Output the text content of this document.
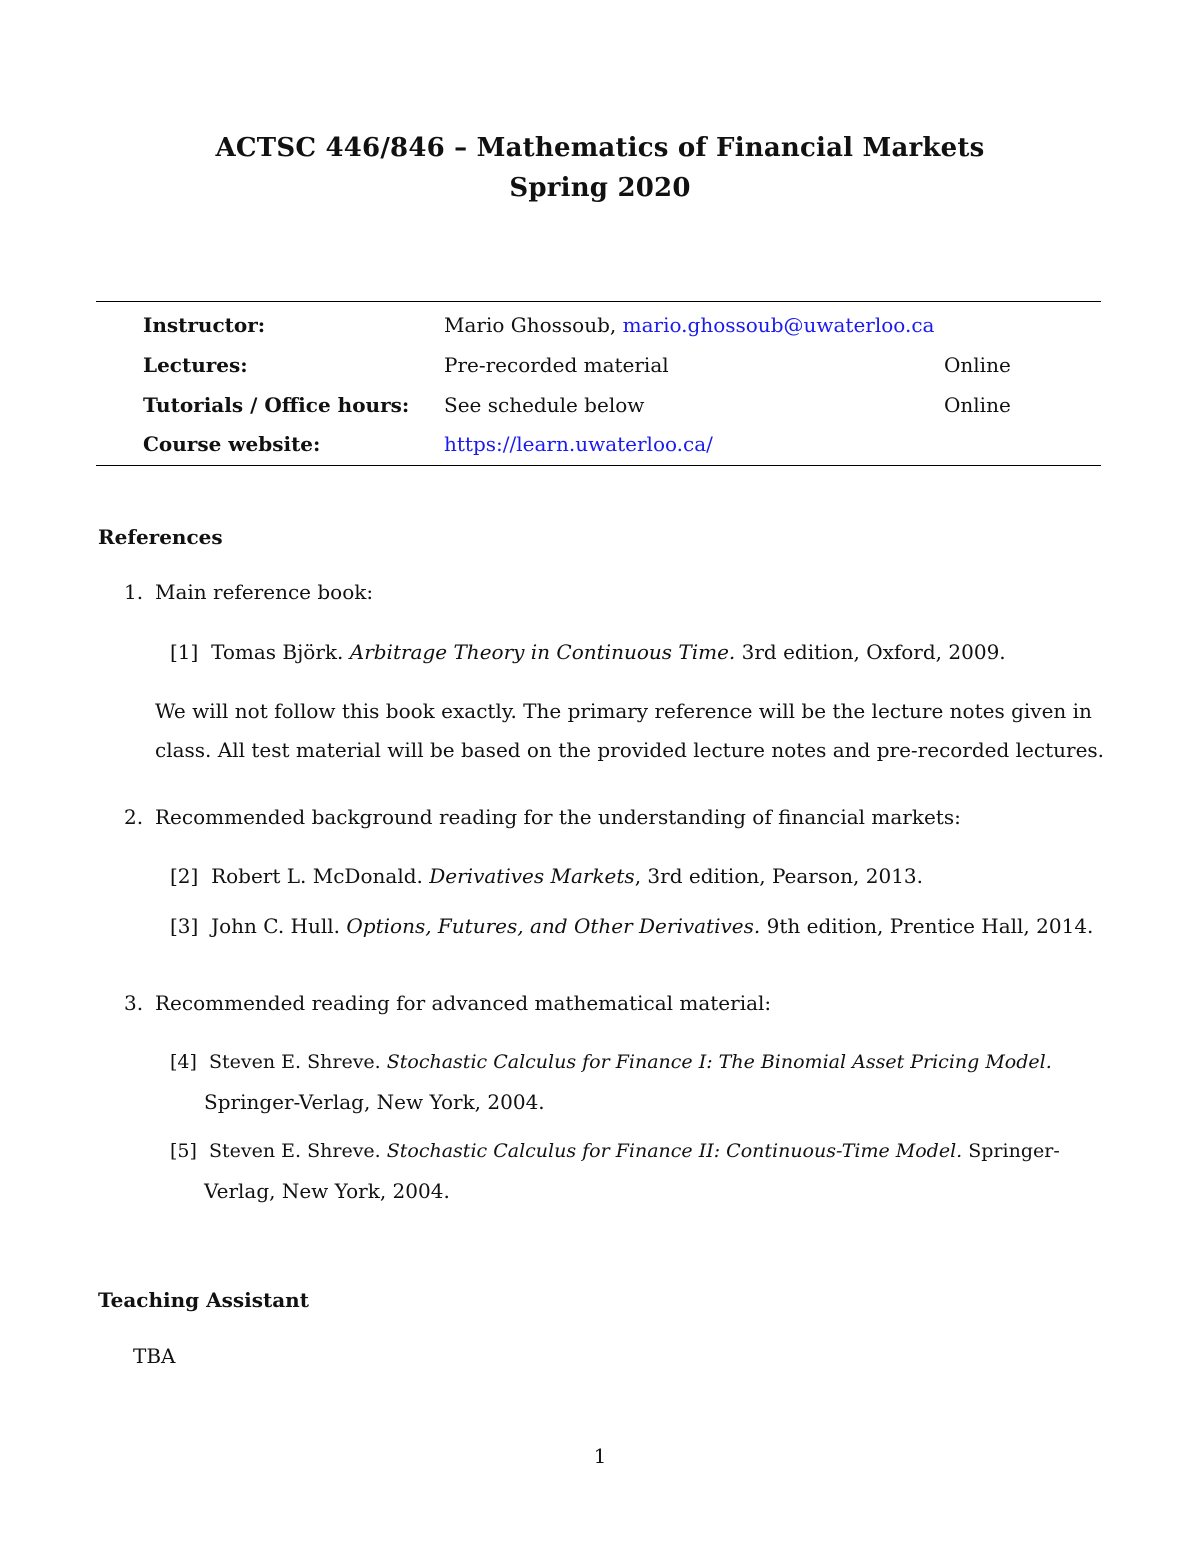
ACTSC 446/846 – Mathematics of Financial Markets
Spring 2020
Instructor:	Mario Ghossoub, mario.ghossoub@uwaterloo.ca
Lectures:	Pre-recorded material	Online
Tutorials / Office hours: See schedule below	Online
Course website:	https://learn.uwaterloo.ca/
References
1. Main reference book:
[1] Tomas Björk. Arbitrage Theory in Continuous Time. 3rd edition, Oxford, 2009.
We will not follow this book exactly. The primary reference will be the lecture notes given in
class. All test material will be based on the provided lecture notes and pre-recorded lectures.
2. Recommended background reading for the understanding of financial markets:
[2] Robert L. McDonald. Derivatives Markets, 3rd edition, Pearson, 2013.
[3] John C. Hull. Options, Futures, and Other Derivatives. 9th edition, Prentice Hall, 2014.
3. Recommended reading for advanced mathematical material:
[4] Steven E. Shreve. Stochastic Calculus for Finance I: The Binomial Asset Pricing Model.
Springer-Verlag, New York, 2004.
[5] Steven E. Shreve. Stochastic Calculus for Finance II: Continuous-Time Model. Springer-
Verlag, New York, 2004.
Teaching Assistant
TBA
1
